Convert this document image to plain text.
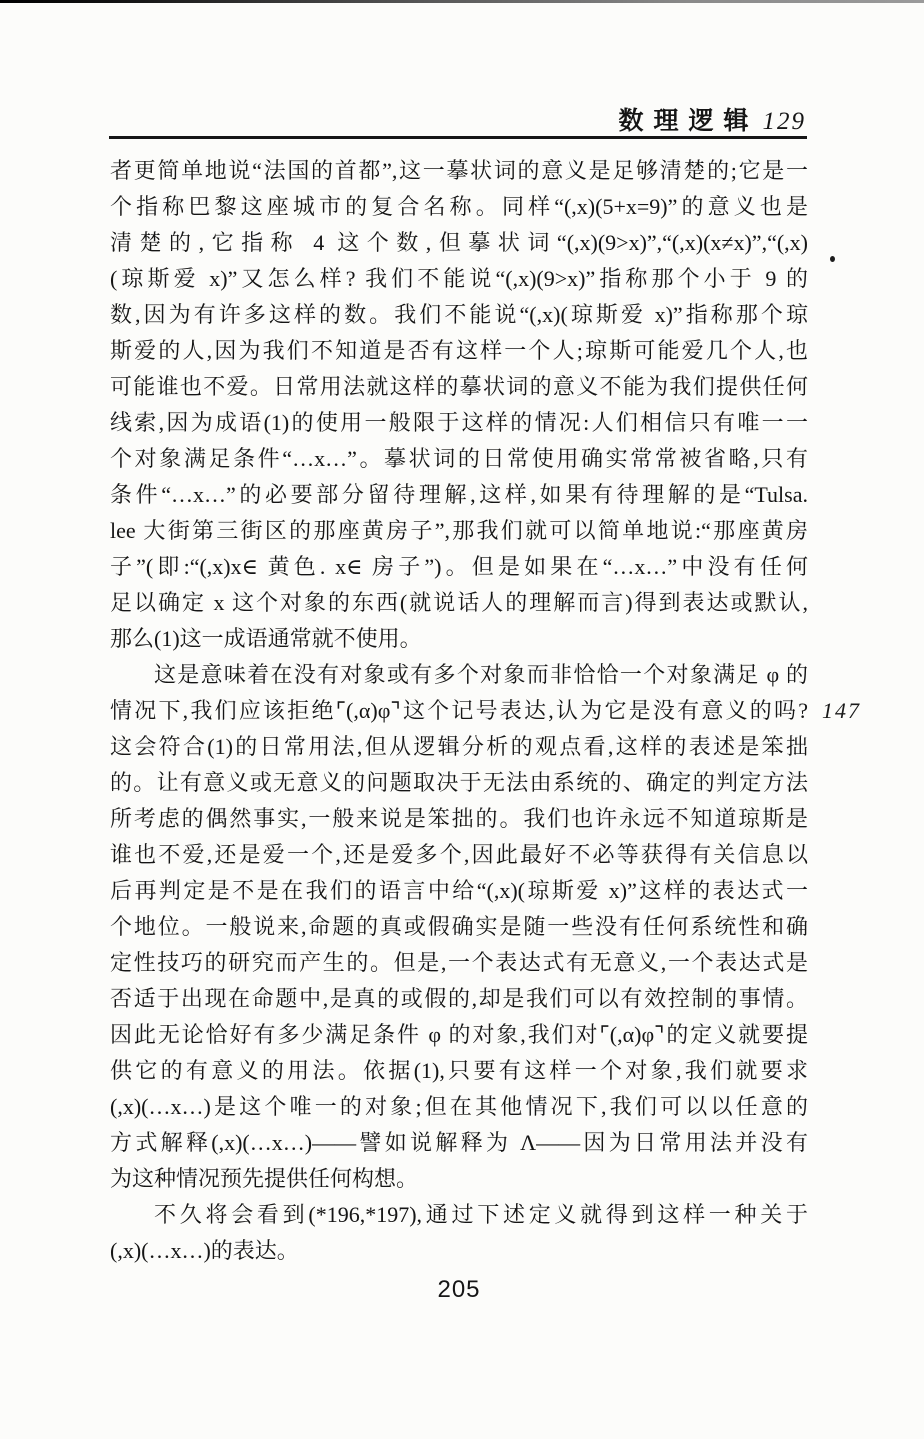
数理逻辑 129
者更简单地说“法国的首都”,这一摹状词的意义是足够清楚的;它是一
个指称巴黎这座城市的复合名称。同样“(,x)(5+x=9)”的意义也是
清楚的,它指称 4 这个数,但摹状词“(,x)(9>x)”,“(,x)(x≠x)”,“(,x)
(琼斯爱 x)”又怎么样? 我们不能说“(,x)(9>x)”指称那个小于 9 的
数,因为有许多这样的数。我们不能说“(,x)(琼斯爱 x)”指称那个琼
斯爱的人,因为我们不知道是否有这样一个人;琼斯可能爱几个人,也
可能谁也不爱。日常用法就这样的摹状词的意义不能为我们提供任何
线索,因为成语(1)的使用一般限于这样的情况:人们相信只有唯一一
个对象满足条件“…x…”。摹状词的日常使用确实常常被省略,只有
条件“…x…”的必要部分留待理解,这样,如果有待理解的是“Tulsa.
lee 大街第三街区的那座黄房子”,那我们就可以简单地说:“那座黄房
子”(即:“(,x)x∈ 黄色. x∈ 房子”)。但是如果在“…x…”中没有任何
足以确定 x 这个对象的东西(就说话人的理解而言)得到表达或默认,
那么(1)这一成语通常就不使用。
这是意味着在没有对象或有多个对象而非恰恰一个对象满足 φ 的
情况下,我们应该拒绝⌜(,α)φ⌝这个记号表达,认为它是没有意义的吗?
这会符合(1)的日常用法,但从逻辑分析的观点看,这样的表述是笨拙
的。让有意义或无意义的问题取决于无法由系统的、确定的判定方法
所考虑的偶然事实,一般来说是笨拙的。我们也许永远不知道琼斯是
谁也不爱,还是爱一个,还是爱多个,因此最好不必等获得有关信息以
后再判定是不是在我们的语言中给“(,x)(琼斯爱 x)”这样的表达式一
个地位。一般说来,命题的真或假确实是随一些没有任何系统性和确
定性技巧的研究而产生的。但是,一个表达式有无意义,一个表达式是
否适于出现在命题中,是真的或假的,却是我们可以有效控制的事情。
因此无论恰好有多少满足条件 φ 的对象,我们对⌜(,α)φ⌝的定义就要提
供它的有意义的用法。依据(1),只要有这样一个对象,我们就要求
(,x)(…x…)是这个唯一的对象;但在其他情况下,我们可以以任意的
方式解释(,x)(…x…)——譬如说解释为 Λ——因为日常用法并没有
为这种情况预先提供任何构想。
不久将会看到(*196,*197),通过下述定义就得到这样一种关于
(,x)(…x…)的表达。
147
205
